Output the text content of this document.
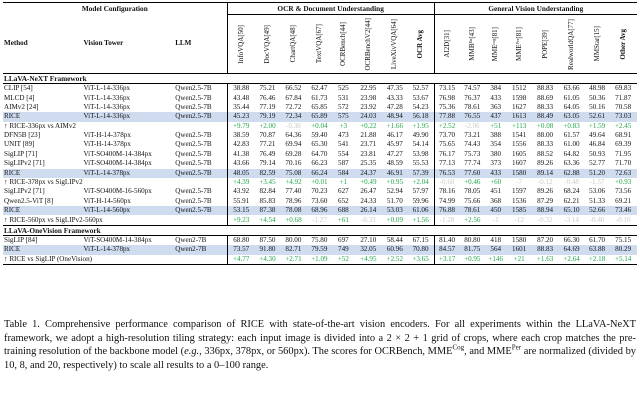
Model Configuration			OCR & Document Understanding								General Vision Understanding							
Method	Vision Tower	LLM	InfoVQA[50]	DocVQA[49]	ChartQA[48]	TextVQA[67]	OCRBench[44]	OCRBenchV2[44]	LiveXivVQA[64]	OCR Avg	AI2D[31]	MMBᴱⁿ[43]	MMEᶜᵒᵍ[81]	MMEᴾᵉʳ[81]	POPE[39]	RealworldQA[77]	MMStar[15]	Other Avg

LLaVA-NeXT Framework																		
CLIP [54]	ViT-L-14-336px	Qwen2.5-7B	38.88	75.21	66.52	62.47	525	22.95	47.35	52.57	73.15	74.57	384	1512	88.83	63.66	48.98	69.83
MLCD [4]	ViT-L-14-336px	Qwen2.5-7B	43.48	76.46	67.84	61.73	531	23.98	43.33	53.67	76.98	76.37	433	1598	88.69	61.05	50.36	71.87
AIMv2 [24]	ViT-L-14-336px	Qwen2.5-7B	35.44	77.19	72.72	65.85	572	23.92	47.28	54.23	75.36	78.61	363	1627	88.33	64.05	50.16	70.58
RICE	ViT-L-14-336px	Qwen2.5-7B	45.23	79.19	72.34	65.89	575	24.03	48.94	56.18	77.88	76.55	437	1613	88.49	63.05	52.61	73.03
↑ RICE-336px vs AIMv2			+9.79	+2.00	-0.38	+0.04	+3	+0.22	+1.66	+1.95	+2.52	-2.06	+51	+113	+0.08	+0.83	+1.59	+2.45
DFN5B [23]	ViT-H-14-378px	Qwen2.5-7B	38.59	70.87	64.36	59.40	473	21.88	46.17	49.90	73.70	73.21	388	1541	88.00	61.57	49.64	68.91
UNIT [89]	ViT-H-14-378px	Qwen2.5-7B	42.83	77.21	69.94	65.30	541	23.71	45.97	54.14	75.65	74.43	354	1556	88.33	61.00	46.84	69.39
SigLIP [71]	ViT-SO400M-14-384px	Qwen2.5-7B	41.38	76.49	69.28	64.70	554	23.81	47.27	53.98	76.17	75.73	380	1605	88.52	64.82	50.93	71.95
SigLIPv2 [71]	ViT-SO400M-14-384px	Qwen2.5-7B	43.66	79.14	70.16	66.23	587	25.35	48.59	55.53	77.13	77.74	373	1607	89.26	63.36	52.77	71.70
RICE	ViT-L-14-378px	Qwen2.5-7B	48.05	82.59	75.08	66.24	584	24.37	46.91	57.39	76.53	77.60	433	1580	89.14	62.88	51.20	72.63
↑ RICE-378px vs SigLIPv2			+4.39	+3.45	+4.92	+0.01	+1	+0.49	+0.95	+2.04	-0.60	+0.46	+60	-7	-0.12	-0.48	-1.57	+0.93
SigLIPv2 [71]	ViT-SO400M-16-560px	Qwen2.5-7B	43.92	82.84	77.40	70.23	627	26.47	52.94	57.97	78.16	78.05	451	1597	89.26	68.24	53.06	73.56
Qwen2.5-ViT [8]	ViT-H-14-560px	Qwen2.5-7B	55.91	85.83	78.96	73.60	652	24.33	51.70	59.96	74.99	75.66	368	1536	87.29	62.21	51.33	69.21
RICE	ViT-L-14-560px	Qwen2.5-7B	53.15	87.38	78.08	68.96	688	26.14	53.03	61.06	76.88	78.61	450	1585	88.94	65.10	52.66	73.46
↑ RICE-560px vs SigLIPv2-560px			+9.23	+4.54	+0.68	-1.27	+61	-0.33	+0.09	+1.56	-1.28	+2.56	-1	-12	-0.32	-3.14	-0.40	-0.10
LLaVA-OneVision Framework																		
SigLIP [84]	ViT-SO400M-14-384px	Qwen2-7B	68.80	87.50	80.00	75.80	697	27.10	58.44	67.15	81.40	80.80	418	1580	87.20	66.30	61.70	75.15
RICE	ViT-L-14-378px	Qwen2-7B	73.57	91.80	82.71	79.59	749	32.05	60.96	70.80	84.57	81.75	564	1601	88.83	64.69	63.88	80.29
↑ RICE vs SigLIP (OneVision)			+4.77	+4.30	+2.71	+1.09	+52	+4.95	+2.52	+3.65	+3.17	+0.95	+146	+21	+1.63	+2.64	+2.18	+5.14
Table 1. Comprehensive performance comparison of RICE with state-of-the-art vision encoders. For all experiments within the LLaVA-NeXT framework, we adopt a high-resolution tiling strategy: each input image is divided into a 2 × 2 + 1 grid of crops, where each crop matches the pre-training resolution of the backbone model (e.g., 336px, 378px, or 560px). The scores for OCRBench, $MME^{Cog}$, and $MME^{Per}$ are normalized (divided by 10, 8, and 20, respectively) to scale all results to a 0–100 range.
